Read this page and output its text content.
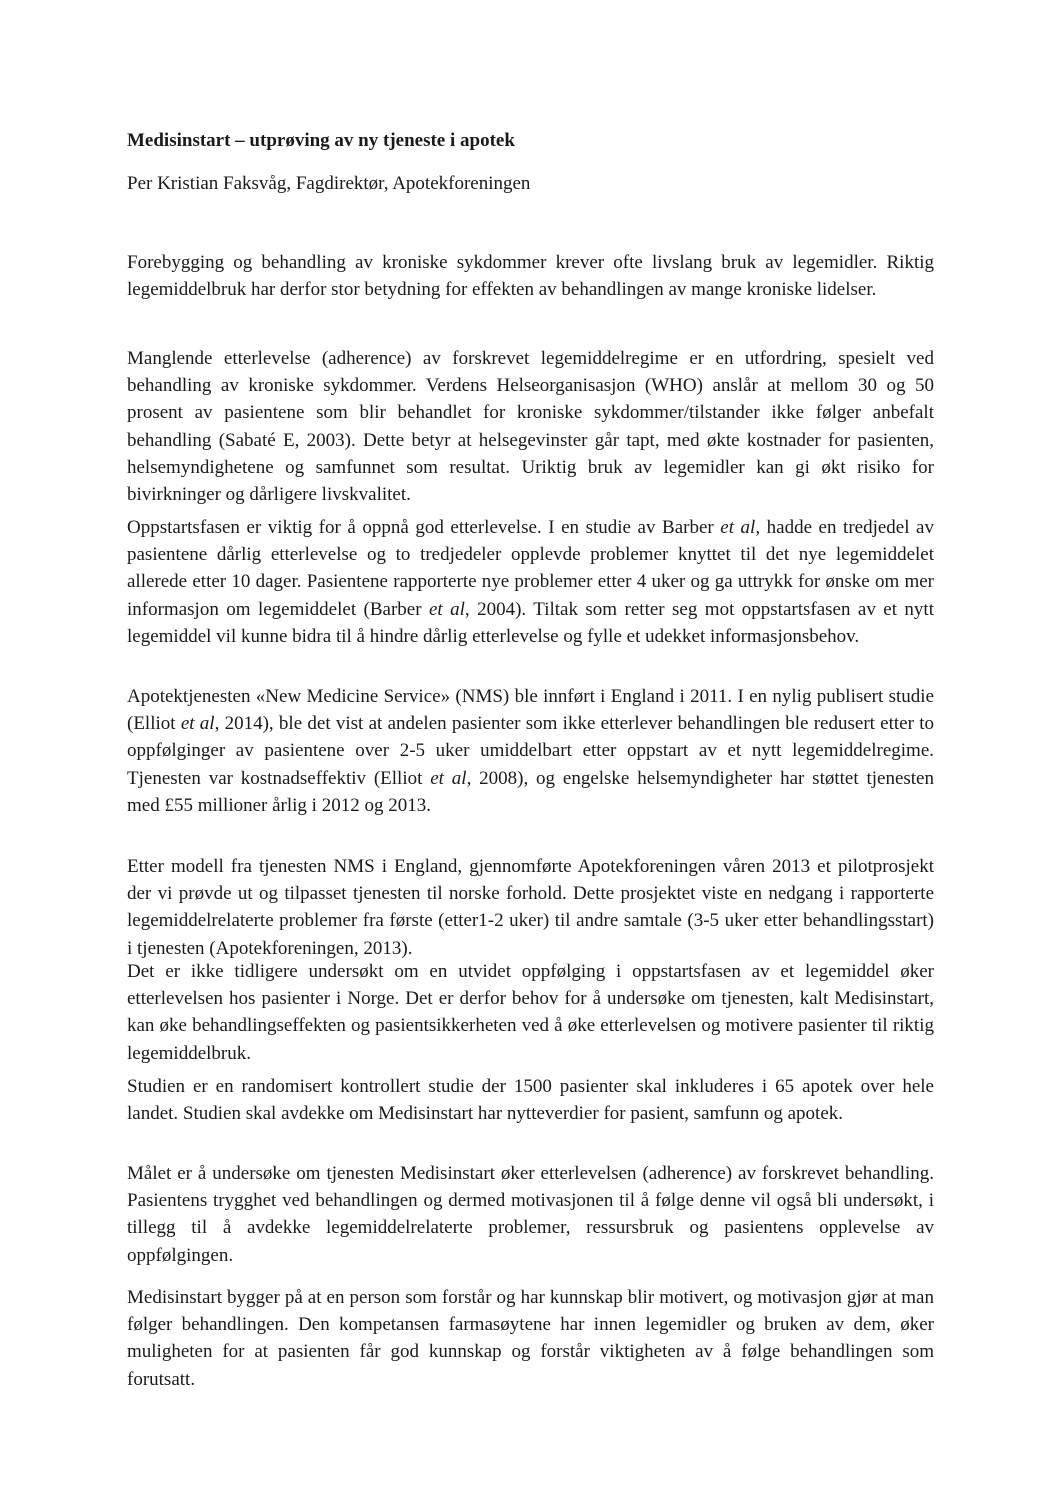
Medisinstart – utprøving av ny tjeneste i apotek

Per Kristian Faksvåg, Fagdirektør, Apotekforeningen

Forebygging og behandling av kroniske sykdommer krever ofte livslang bruk av legemidler. Riktig legemiddelbruk har derfor stor betydning for effekten av behandlingen av mange kroniske lidelser.

Manglende etterlevelse (adherence) av forskrevet legemiddelregime er en utfordring, spesielt ved behandling av kroniske sykdommer. Verdens Helseorganisasjon (WHO) anslår at mellom 30 og 50 prosent av pasientene som blir behandlet for kroniske sykdommer/tilstander ikke følger anbefalt behandling (Sabaté E, 2003). Dette betyr at helsegevinster går tapt, med økte kostnader for pasienten, helsemyndighetene og samfunnet som resultat. Uriktig bruk av legemidler kan gi økt risiko for bivirkninger og dårligere livskvalitet.

Oppstartsfasen er viktig for å oppnå god etterlevelse. I en studie av Barber et al, hadde en tredjedel av pasientene dårlig etterlevelse og to tredjedeler opplevde problemer knyttet til det nye legemiddelet allerede etter 10 dager. Pasientene rapporterte nye problemer etter 4 uker og ga uttrykk for ønske om mer informasjon om legemiddelet (Barber et al, 2004). Tiltak som retter seg mot oppstartsfasen av et nytt legemiddel vil kunne bidra til å hindre dårlig etterlevelse og fylle et udekket informasjonsbehov.

Apotektjenesten «New Medicine Service» (NMS) ble innført i England i 2011. I en nylig publisert studie (Elliot et al, 2014), ble det vist at andelen pasienter som ikke etterlever behandlingen ble redusert etter to oppfølginger av pasientene over 2-5 uker umiddelbart etter oppstart av et nytt legemiddelregime. Tjenesten var kostnadseffektiv (Elliot et al, 2008), og engelske helsemyndigheter har støttet tjenesten med £55 millioner årlig i 2012 og 2013.

Etter modell fra tjenesten NMS i England, gjennomførte Apotekforeningen våren 2013 et pilotprosjekt der vi prøvde ut og tilpasset tjenesten til norske forhold. Dette prosjektet viste en nedgang i rapporterte legemiddelrelaterte problemer fra første (etter1-2 uker) til andre samtale (3-5 uker etter behandlingsstart) i tjenesten (Apotekforeningen, 2013).

Det er ikke tidligere undersøkt om en utvidet oppfølging i oppstartsfasen av et legemiddel øker etterlevelsen hos pasienter i Norge. Det er derfor behov for å undersøke om tjenesten, kalt Medisinstart, kan øke behandlingseffekten og pasientsikkerheten ved å øke etterlevelsen og motivere pasienter til riktig legemiddelbruk.

Studien er en randomisert kontrollert studie der 1500 pasienter skal inkluderes i 65 apotek over hele landet. Studien skal avdekke om Medisinstart har nytteverdier for pasient, samfunn og apotek.

Målet er å undersøke om tjenesten Medisinstart øker etterlevelsen (adherence) av forskrevet behandling. Pasientens trygghet ved behandlingen og dermed motivasjonen til å følge denne vil også bli undersøkt, i tillegg til å avdekke legemiddelrelaterte problemer, ressursbruk og pasientens opplevelse av oppfølgingen.

Medisinstart bygger på at en person som forstår og har kunnskap blir motivert, og motivasjon gjør at man følger behandlingen. Den kompetansen farmasøytene har innen legemidler og bruken av dem, øker muligheten for at pasienten får god kunnskap og forstår viktigheten av å følge behandlingen som forutsatt.
